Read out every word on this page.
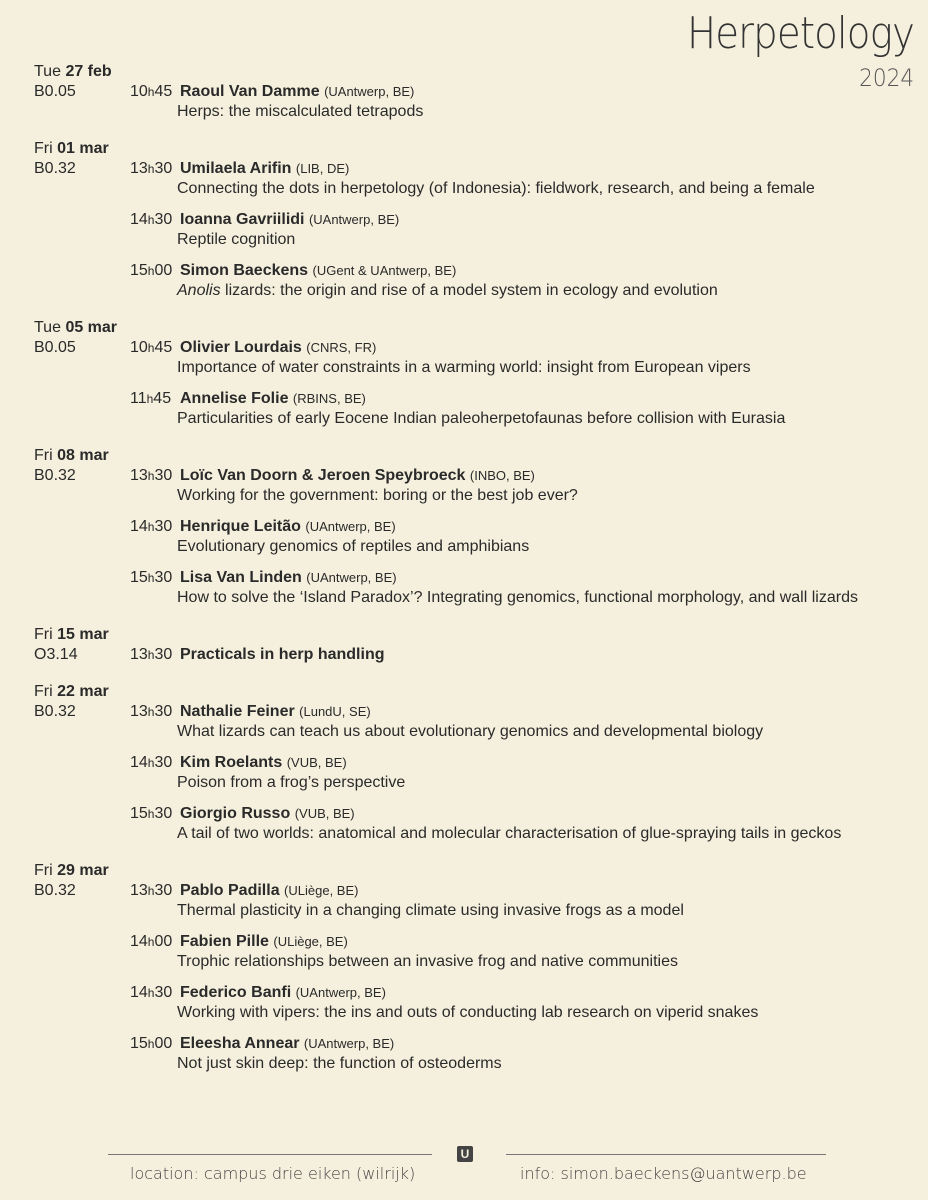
Herpetology
2024
Tue 27 feb
B0.05	10h45 Raoul Van Damme (UAntwerp, BE)
Herps: the miscalculated tetrapods
Fri 01 mar
B0.32	13h30 Umilaela Arifin (LIB, DE)
Connecting the dots in herpetology (of Indonesia): fieldwork, research, and being a female
14h30 Ioanna Gavriilidi (UAntwerp, BE)
Reptile cognition
15h00 Simon Baeckens (UGent & UAntwerp, BE)
Anolis lizards: the origin and rise of a model system in ecology and evolution
Tue 05 mar
B0.05	10h45 Olivier Lourdais (CNRS, FR)
Importance of water constraints in a warming world: insight from European vipers
11h45 Annelise Folie (RBINS, BE)
Particularities of early Eocene Indian paleoherpetofaunas before collision with Eurasia
Fri 08 mar
B0.32	13h30 Loïc Van Doorn & Jeroen Speybroeck (INBO, BE)
Working for the government: boring or the best job ever?
14h30 Henrique Leitão (UAntwerp, BE)
Evolutionary genomics of reptiles and amphibians
15h30 Lisa Van Linden (UAntwerp, BE)
How to solve the ‘Island Paradox’? Integrating genomics, functional morphology, and wall lizards
Fri 15 mar
O3.14	13h30 Practicals in herp handling
Fri 22 mar
B0.32	13h30 Nathalie Feiner (LundU, SE)
What lizards can teach us about evolutionary genomics and developmental biology
14h30 Kim Roelants (VUB, BE)
Poison from a frog’s perspective
15h30 Giorgio Russo (VUB, BE)
A tail of two worlds: anatomical and molecular characterisation of glue-spraying tails in geckos
Fri 29 mar
B0.32	13h30 Pablo Padilla (ULiège, BE)
Thermal plasticity in a changing climate using invasive frogs as a model
14h00 Fabien Pille (ULiège, BE)
Trophic relationships between an invasive frog and native communities
14h30 Federico Banfi (UAntwerp, BE)
Working with vipers: the ins and outs of conducting lab research on viperid snakes
15h00 Eleesha Annear (UAntwerp, BE)
Not just skin deep: the function of osteoderms
U
location: campus drie eiken (wilrijk)	info: simon.baeckens@uantwerp.be
